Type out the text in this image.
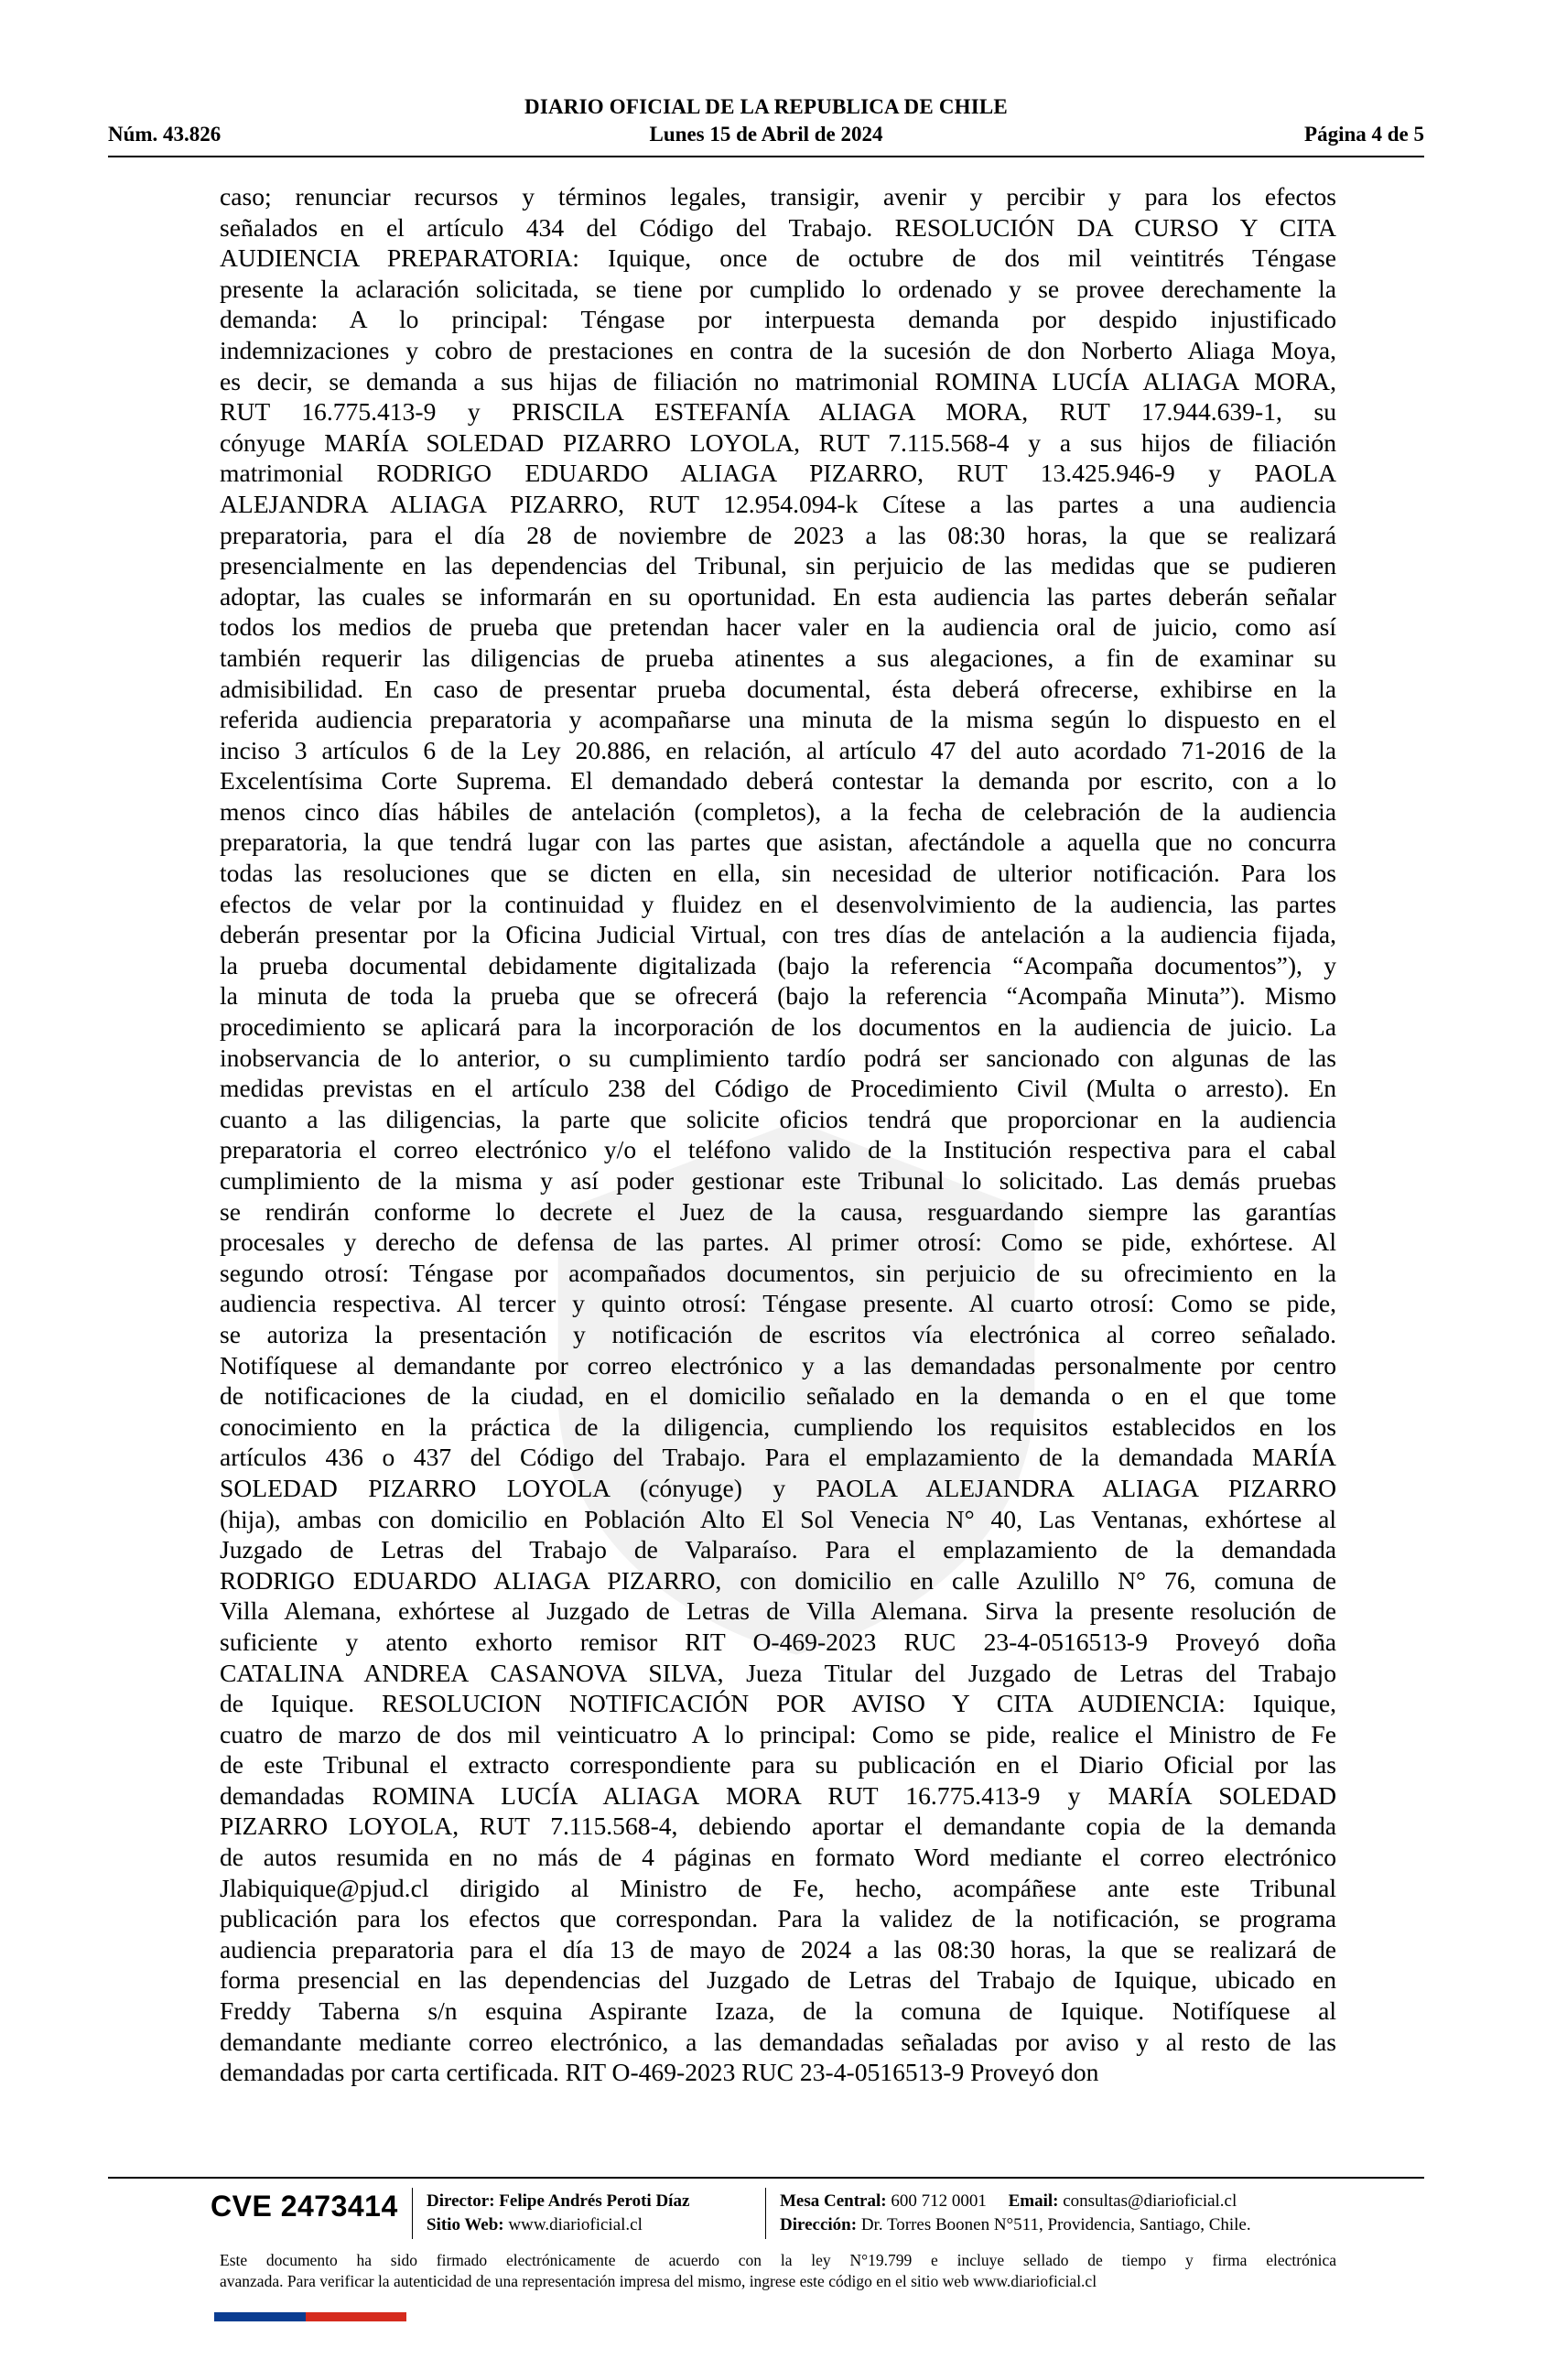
DIARIO OFICIAL DE LA REPUBLICA DE CHILE
Núm. 43.826	Lunes 15 de Abril de 2024	Página 4 de 5
caso; renunciar recursos y términos legales, transigir, avenir y percibir y para los efectos
señalados en el artículo 434 del Código del Trabajo. RESOLUCIÓN DA CURSO Y CITA
AUDIENCIA PREPARATORIA: Iquique, once de octubre de dos mil veintitrés Téngase
presente la aclaración solicitada, se tiene por cumplido lo ordenado y se provee derechamente la
demanda: A lo principal: Téngase por interpuesta demanda por despido injustificado
indemnizaciones y cobro de prestaciones en contra de la sucesión de don Norberto Aliaga Moya,
es decir, se demanda a sus hijas de filiación no matrimonial ROMINA LUCÍA ALIAGA MORA,
RUT 16.775.413-9 y PRISCILA ESTEFANÍA ALIAGA MORA, RUT 17.944.639-1, su
cónyuge MARÍA SOLEDAD PIZARRO LOYOLA, RUT 7.115.568-4 y a sus hijos de filiación
matrimonial RODRIGO EDUARDO ALIAGA PIZARRO, RUT 13.425.946-9 y PAOLA
ALEJANDRA ALIAGA PIZARRO, RUT 12.954.094-k Cítese a las partes a una audiencia
preparatoria, para el día 28 de noviembre de 2023 a las 08:30 horas, la que se realizará
presencialmente en las dependencias del Tribunal, sin perjuicio de las medidas que se pudieren
adoptar, las cuales se informarán en su oportunidad. En esta audiencia las partes deberán señalar
todos los medios de prueba que pretendan hacer valer en la audiencia oral de juicio, como así
también requerir las diligencias de prueba atinentes a sus alegaciones, a fin de examinar su
admisibilidad. En caso de presentar prueba documental, ésta deberá ofrecerse, exhibirse en la
referida audiencia preparatoria y acompañarse una minuta de la misma según lo dispuesto en el
inciso 3 artículos 6 de la Ley 20.886, en relación, al artículo 47 del auto acordado 71-2016 de la
Excelentísima Corte Suprema. El demandado deberá contestar la demanda por escrito, con a lo
menos cinco días hábiles de antelación (completos), a la fecha de celebración de la audiencia
preparatoria, la que tendrá lugar con las partes que asistan, afectándole a aquella que no concurra
todas las resoluciones que se dicten en ella, sin necesidad de ulterior notificación. Para los
efectos de velar por la continuidad y fluidez en el desenvolvimiento de la audiencia, las partes
deberán presentar por la Oficina Judicial Virtual, con tres días de antelación a la audiencia fijada,
la prueba documental debidamente digitalizada (bajo la referencia “Acompaña documentos”), y
la minuta de toda la prueba que se ofrecerá (bajo la referencia “Acompaña Minuta”). Mismo
procedimiento se aplicará para la incorporación de los documentos en la audiencia de juicio. La
inobservancia de lo anterior, o su cumplimiento tardío podrá ser sancionado con algunas de las
medidas previstas en el artículo 238 del Código de Procedimiento Civil (Multa o arresto). En
cuanto a las diligencias, la parte que solicite oficios tendrá que proporcionar en la audiencia
preparatoria el correo electrónico y/o el teléfono valido de la Institución respectiva para el cabal
cumplimiento de la misma y así poder gestionar este Tribunal lo solicitado. Las demás pruebas
se rendirán conforme lo decrete el Juez de la causa, resguardando siempre las garantías
procesales y derecho de defensa de las partes. Al primer otrosí: Como se pide, exhórtese. Al
segundo otrosí: Téngase por acompañados documentos, sin perjuicio de su ofrecimiento en la
audiencia respectiva. Al tercer y quinto otrosí: Téngase presente. Al cuarto otrosí: Como se pide,
se autoriza la presentación y notificación de escritos vía electrónica al correo señalado.
Notifíquese al demandante por correo electrónico y a las demandadas personalmente por centro
de notificaciones de la ciudad, en el domicilio señalado en la demanda o en el que tome
conocimiento en la práctica de la diligencia, cumpliendo los requisitos establecidos en los
artículos 436 o 437 del Código del Trabajo. Para el emplazamiento de la demandada MARÍA
SOLEDAD PIZARRO LOYOLA (cónyuge) y PAOLA ALEJANDRA ALIAGA PIZARRO
(hija), ambas con domicilio en Población Alto El Sol Venecia N° 40, Las Ventanas, exhórtese al
Juzgado de Letras del Trabajo de Valparaíso. Para el emplazamiento de la demandada
RODRIGO EDUARDO ALIAGA PIZARRO, con domicilio en calle Azulillo N° 76, comuna de
Villa Alemana, exhórtese al Juzgado de Letras de Villa Alemana. Sirva la presente resolución de
suficiente y atento exhorto remisor RIT O-469-2023 RUC 23-4-0516513-9 Proveyó doña
CATALINA ANDREA CASANOVA SILVA, Jueza Titular del Juzgado de Letras del Trabajo
de Iquique. RESOLUCION NOTIFICACIÓN POR AVISO Y CITA AUDIENCIA: Iquique,
cuatro de marzo de dos mil veinticuatro A lo principal: Como se pide, realice el Ministro de Fe
de este Tribunal el extracto correspondiente para su publicación en el Diario Oficial por las
demandadas ROMINA LUCÍA ALIAGA MORA RUT 16.775.413-9 y MARÍA SOLEDAD
PIZARRO LOYOLA, RUT 7.115.568-4, debiendo aportar el demandante copia de la demanda
de autos resumida en no más de 4 páginas en formato Word mediante el correo electrónico
Jlabiquique@pjud.cl dirigido al Ministro de Fe, hecho, acompáñese ante este Tribunal
publicación para los efectos que correspondan. Para la validez de la notificación, se programa
audiencia preparatoria para el día 13 de mayo de 2024 a las 08:30 horas, la que se realizará de
forma presencial en las dependencias del Juzgado de Letras del Trabajo de Iquique, ubicado en
Freddy Taberna s/n esquina Aspirante Izaza, de la comuna de Iquique. Notifíquese al
demandante mediante correo electrónico, a las demandadas señaladas por aviso y al resto de las
demandadas por carta certificada. RIT O-469-2023 RUC 23-4-0516513-9 Proveyó don
CVE 2473414 Director: Felipe Andrés Peroti Díaz
Sitio Web: www.diarioficial.cl
Mesa Central: 600 712 0001 Email: consultas@diarioficial.cl
Dirección: Dr. Torres Boonen N°511, Providencia, Santiago, Chile.
Este documento ha sido firmado electrónicamente de acuerdo con la ley N°19.799 e incluye sellado de tiempo y firma electrónica
avanzada. Para verificar la autenticidad de una representación impresa del mismo, ingrese este código en el sitio web www.diarioficial.cl
